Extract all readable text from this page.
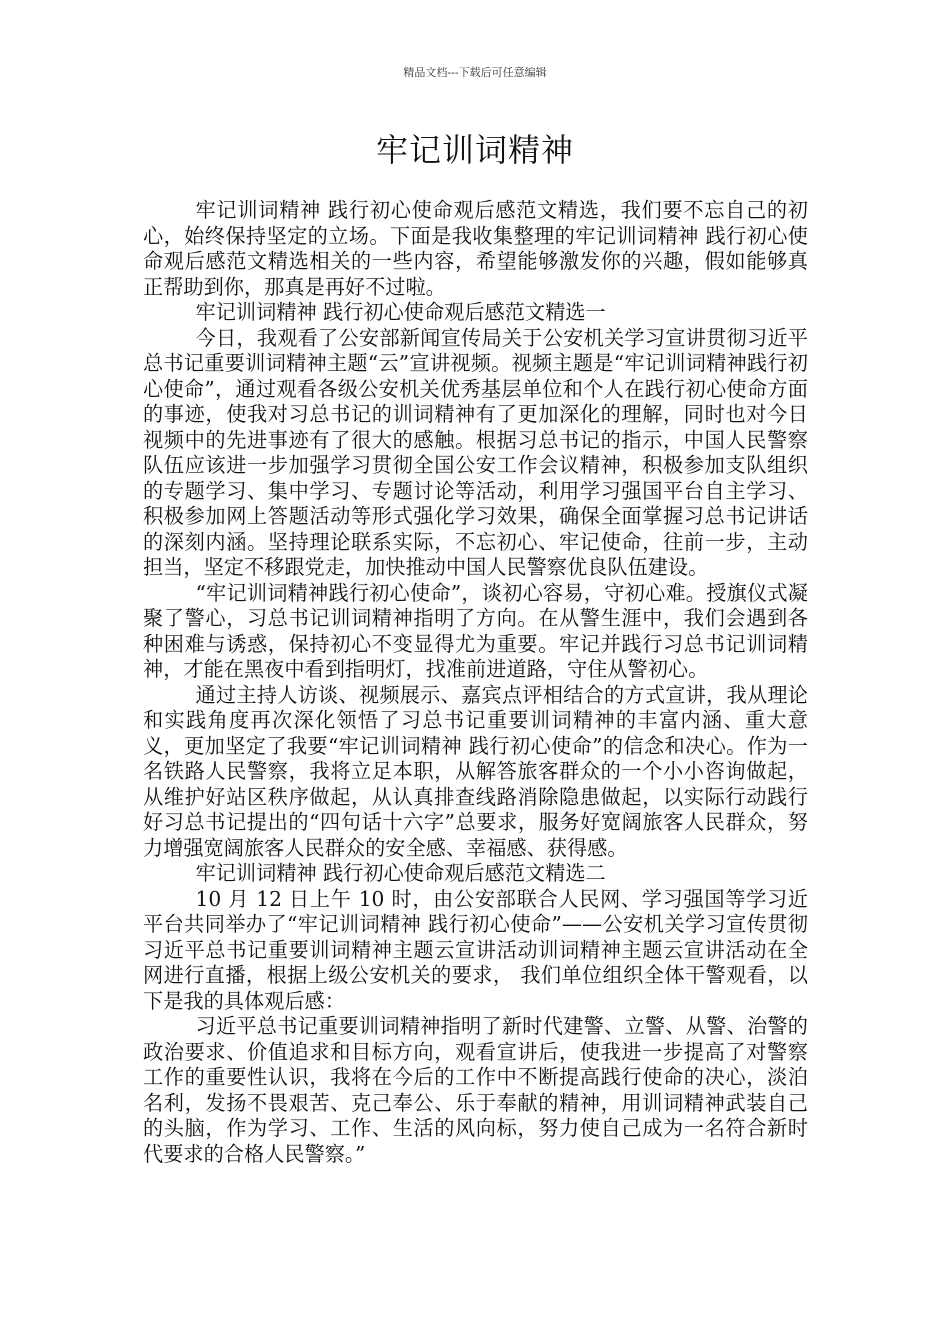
精品文档---下载后可任意编辑
牢记训词精神

牢记训词精神 践行初心使命观后感范文精选，我们要不忘自己的初心，始终保持坚定的立场。下面是我收集整理的牢记训词精神 践行初心使命观后感范文精选相关的一些内容，希望能够激发你的兴趣，假如能够真正帮助到你，那真是再好不过啦。

牢记训词精神 践行初心使命观后感范文精选一

今日，我观看了公安部新闻宣传局关于公安机关学习宣讲贯彻习近平总书记重要训词精神主题“云”宣讲视频。视频主题是“牢记训词精神践行初心使命”，通过观看各级公安机关优秀基层单位和个人在践行初心使命方面的事迹，使我对习总书记的训词精神有了更加深化的理解，同时也对今日视频中的先进事迹有了很大的感触。根据习总书记的指示，中国人民警察队伍应该进一步加强学习贯彻全国公安工作会议精神，积极参加支队组织的专题学习、集中学习、专题讨论等活动，利用学习强国平台自主学习、积极参加网上答题活动等形式强化学习效果，确保全面掌握习总书记讲话的深刻内涵。坚持理论联系实际，不忘初心、牢记使命，往前一步，主动担当，坚定不移跟党走，加快推动中国人民警察优良队伍建设。

“牢记训词精神践行初心使命”，谈初心容易，守初心难。授旗仪式凝聚了警心，习总书记训词精神指明了方向。在从警生涯中，我们会遇到各种困难与诱惑，保持初心不变显得尤为重要。牢记并践行习总书记训词精神，才能在黑夜中看到指明灯，找准前进道路，守住从警初心。

通过主持人访谈、视频展示、嘉宾点评相结合的方式宣讲，我从理论和实践角度再次深化领悟了习总书记重要训词精神的丰富内涵、重大意义，更加坚定了我要“牢记训词精神 践行初心使命”的信念和决心。作为一名铁路人民警察，我将立足本职，从解答旅客群众的一个小小咨询做起，从维护好站区秩序做起，从认真排查线路消除隐患做起，以实际行动践行好习总书记提出的“四句话十六字”总要求，服务好宽阔旅客人民群众，努力增强宽阔旅客人民群众的安全感、幸福感、获得感。

牢记训词精神 践行初心使命观后感范文精选二

10 月 12 日上午 10 时，由公安部联合人民网、学习强国等学习近平台共同举办了“牢记训词精神 践行初心使命”——公安机关学习宣传贯彻习近平总书记重要训词精神主题云宣讲活动训词精神主题云宣讲活动在全网进行直播，根据上级公安机关的要求， 我们单位组织全体干警观看，以下是我的具体观后感：

习近平总书记重要训词精神指明了新时代建警、立警、从警、治警的政治要求、价值追求和目标方向，观看宣讲后，使我进一步提高了对警察工作的重要性认识，我将在今后的工作中不断提高践行使命的决心，淡泊名利，发扬不畏艰苦、克己奉公、乐于奉献的精神，用训词精神武装自己的头脑，作为学习、工作、生活的风向标，努力使自己成为一名符合新时代要求的合格人民警察。”
